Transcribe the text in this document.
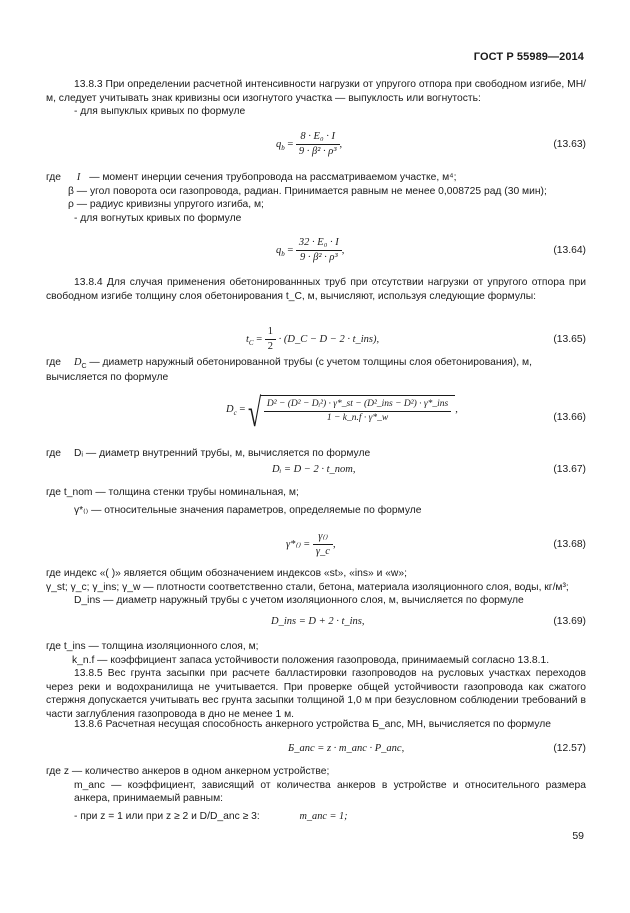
ГОСТ Р 55989—2014

13.8.3 При определении расчетной интенсивности нагрузки от упругого отпора при свободном изгибе, МН/м, следует учитывать знак кривизны оси изогнутого участка — выпуклость или вогнутость:

- для выпуклых кривых по формуле

$q_b = \frac{\text{8 · E₀ · I}}{\text{9 · β² · ρ³}}$ ,	(13.63)
где I — момент инерции сечения трубопровода на рассматриваемом участке, м⁴;
β — угол поворота оси газопровода, радиан. Принимается равным не менее 0,008725 рад (30 мин);
ρ — радиус кривизны упругого изгиба, м;
- для вогнутых кривых по формуле
$q_b = \frac{\text{32 · E₀ · I}}{\text{9 · β² · ρ³}}$ ,	(13.64)
13.8.4 Для случая применения обетонированнных труб при отсутствии нагрузки от упругого отпора при свободном изгибе толщину слоя обетонирования t_C, м, вычисляют, используя следующие формулы:
$t_C = \frac{1}{2}$ · (D_C − D − 2 · t_ins),	(13.65)
где $D_C$ — диаметр наружный обетонированной трубы (с учетом толщины слоя обетонирования), м, вычисляется по формуле
$D_c$ = √ $\frac{\text{D² − (D² − Dᵢ²) · γ*\_st − (D²\_ins − D²) · γ*\_ins}}{1 - k\_n.f \cdot \gamma*\_w}$ ,
(13.66)
где Dᵢ — диаметр внутренний трубы, м, вычисляется по формуле
Dᵢ = D − 2 · t_nom,	(13.67)
где t_nom — толщина стенки трубы номинальная, м;
γ*₍₎ — относительные значения параметров, определяемые по формуле
$\gamma*_{()} = \frac{\gamma_{()}}{\gamma\_c}$ ,	(13.68)
где индекс «( )» является общим обозначением индексов «st», «ins» и «w»;
γ_st; γ_c; γ_ins; γ_w — плотности соответственно стали, бетона, материала изоляционного слоя, воды, кг/м³;
D_ins — диаметр наружный трубы с учетом изоляционного слоя, м, вычисляется по формуле
D_ins = D + 2 · t_ins,	(13.69)
где t_ins — толщина изоляционного слоя, м;
k_n.f — коэффициент запаса устойчивости положения газопровода, принимаемый согласно 13.8.1.
13.8.5 Вес грунта засыпки при расчете балластировки газопроводов на русловых участках переходов через реки и водохранилища не учитывается. При проверке общей устойчивости газопровода как сжатого стержня допускается учитывать вес грунта засыпки толщиной 1,0 м при безусловном соблюдении требований в части заглубления газопровода в дно не менее 1 м.
13.8.6 Расчетная несущая способность анкерного устройства Б_anc, МН, вычисляется по формуле
Б_anc = z · m_anc · P_anc,	(12.57)
где z — количество анкеров в одном анкерном устройстве;
m_anc — коэффициент, зависящий от количества анкеров в устройстве и относительного размера анкера, принимаемый равным:
- при z = 1 или при z ≥ 2 и D/D_anc ≥ 3:	m_anc = 1;
59
